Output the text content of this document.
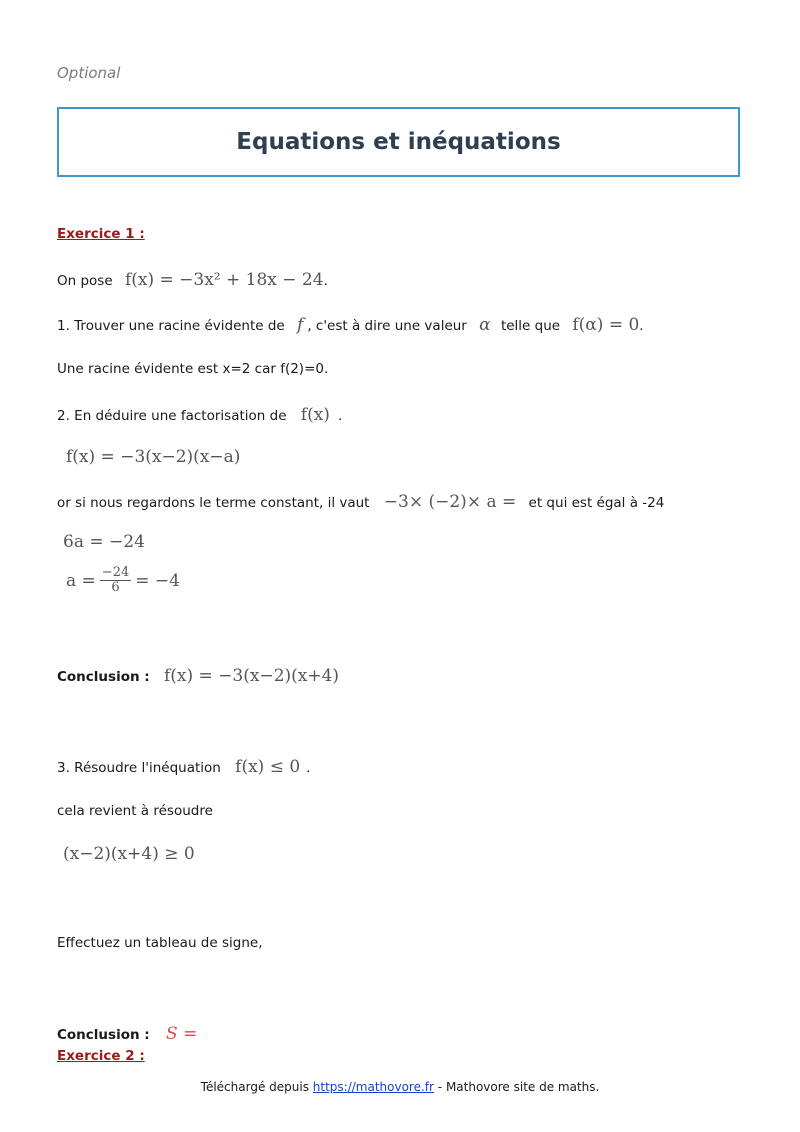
Optional
Equations et inéquations
Exercice 1 :
On pose f(x) = −3x² + 18x − 24.
1. Trouver une racine évidente de f , c'est à dire une valeur α telle que f(α) = 0.
Une racine évidente est x=2 car f(2)=0.
2. En déduire une factorisation de f(x) .
f(x) = −3(x−2)(x−a)
or si nous regardons le terme constant, il vaut −3× (−2)× a = et qui est égal à -24
6a = −24
$a = \frac{-24}{6} = -4$
Conclusion : f(x) = −3(x−2)(x+4)
3. Résoudre l'inéquation f(x) ≤ 0 .
cela revient à résoudre
(x−2)(x+4) ≥ 0
Effectuez un tableau de signe,
Conclusion : S =
Exercice 2 :
Téléchargé depuis https://mathovore.fr - Mathovore site de maths.
